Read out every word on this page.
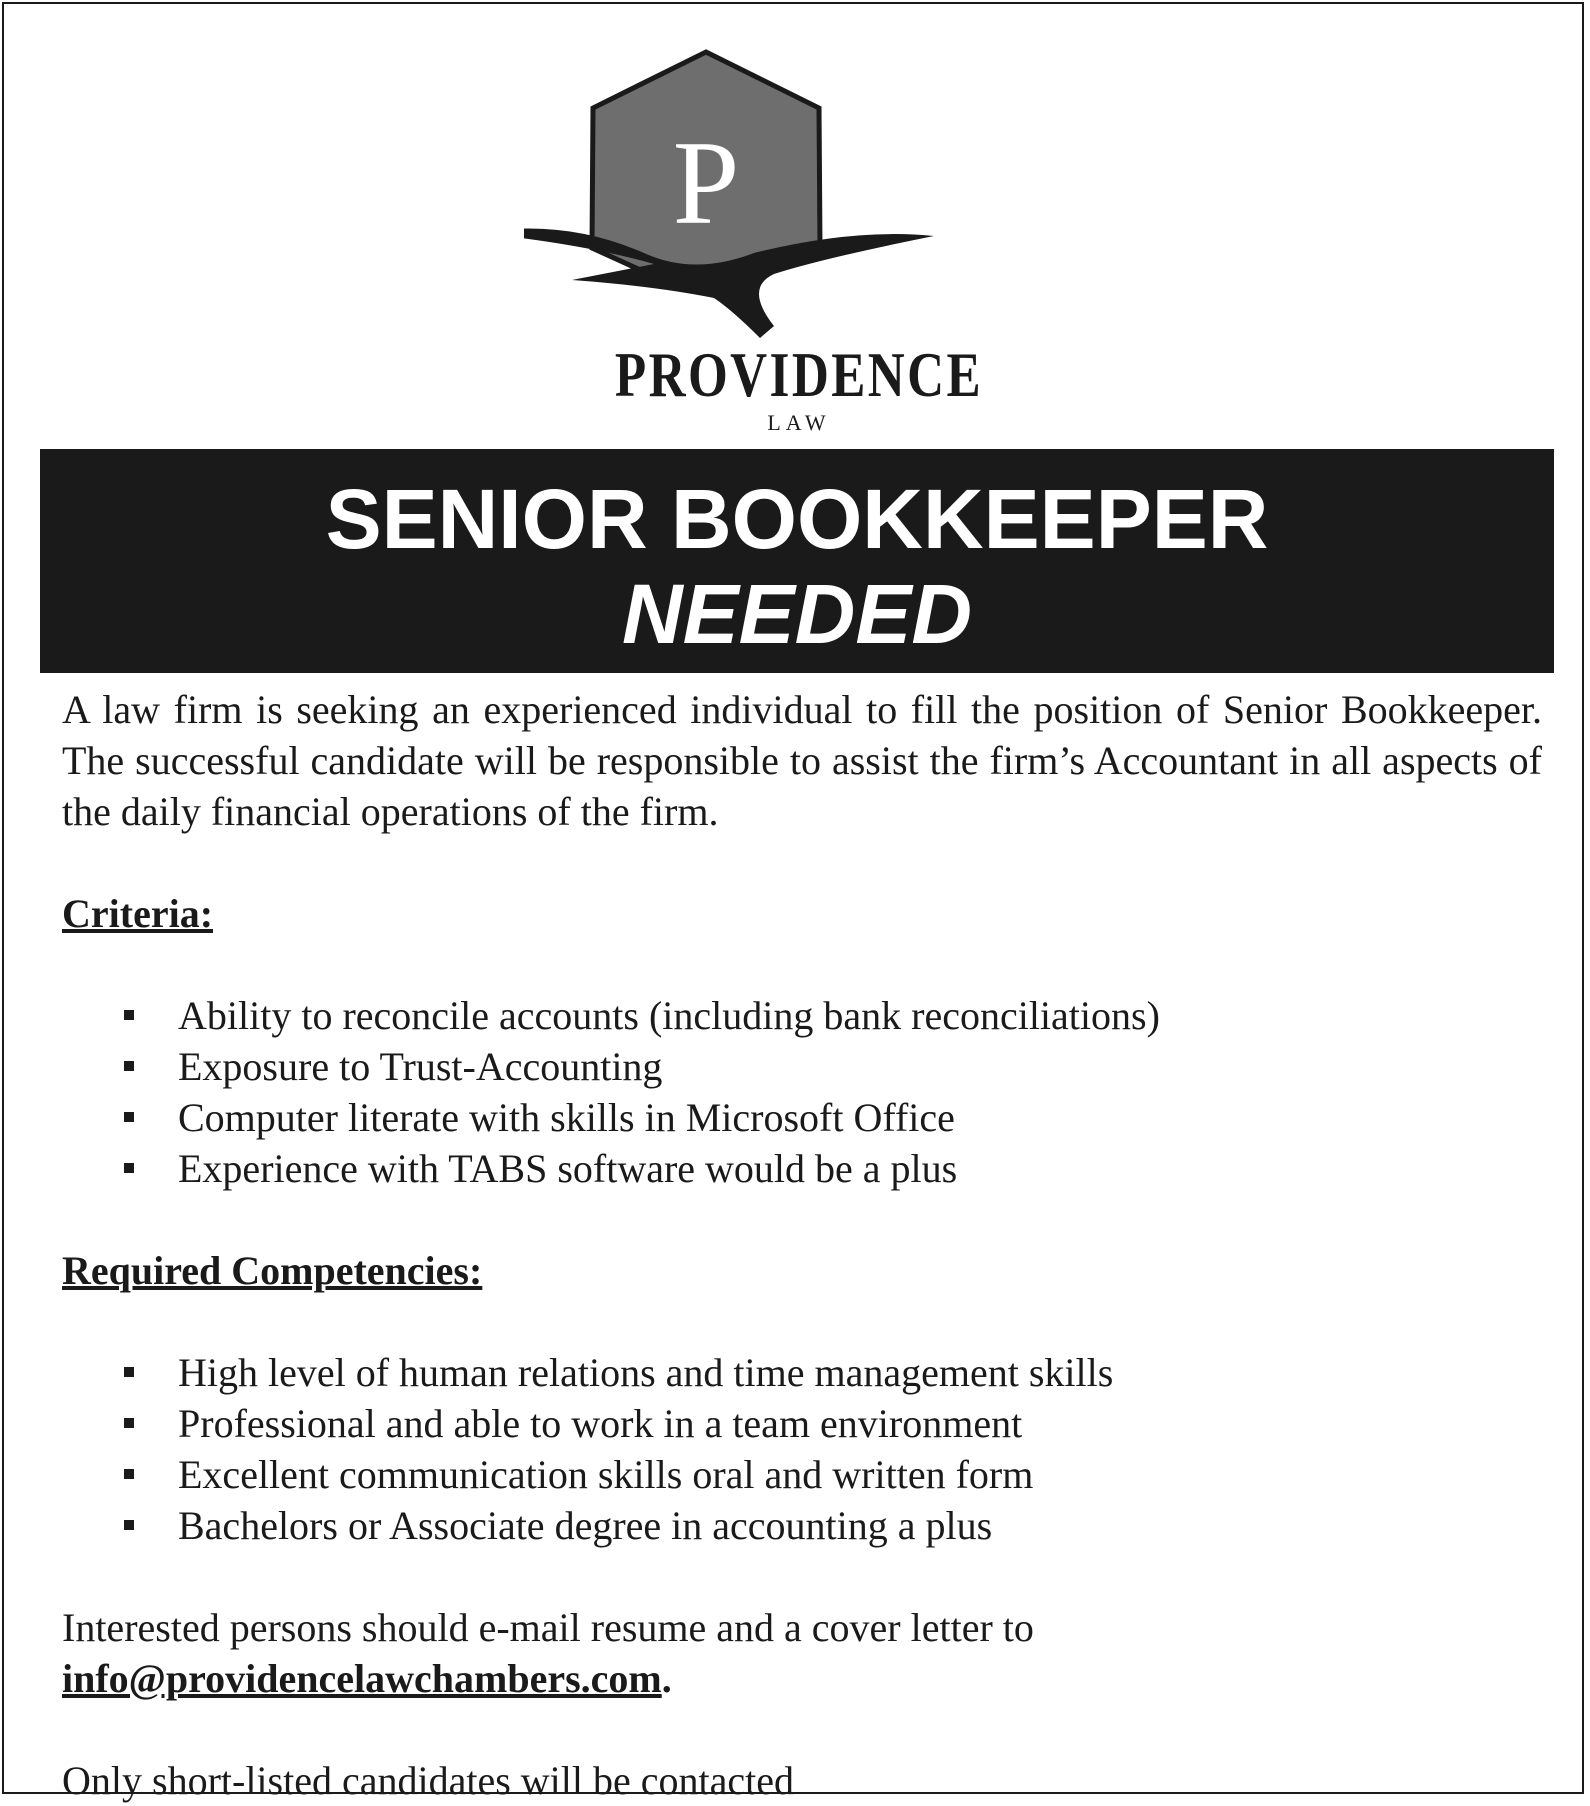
P
PROVIDENCE
LAW
SENIOR BOOKKEEPER
NEEDED

A law firm is seeking an experienced individual to fill the position of Senior Bookkeeper. The successful candidate will be responsible to assist the firm’s Accountant in all aspects of the daily financial operations of the firm.

Criteria:

Ability to reconcile accounts (including bank reconciliations)
Exposure to Trust-Accounting
Computer literate with skills in Microsoft Office
Experience with TABS software would be a plus

Required Competencies:

High level of human relations and time management skills
Professional and able to work in a team environment
Excellent communication skills oral and written form
Bachelors or Associate degree in accounting a plus

Interested persons should e-mail resume and a cover letter to info@providencelawchambers.com.

Only short-listed candidates will be contacted
